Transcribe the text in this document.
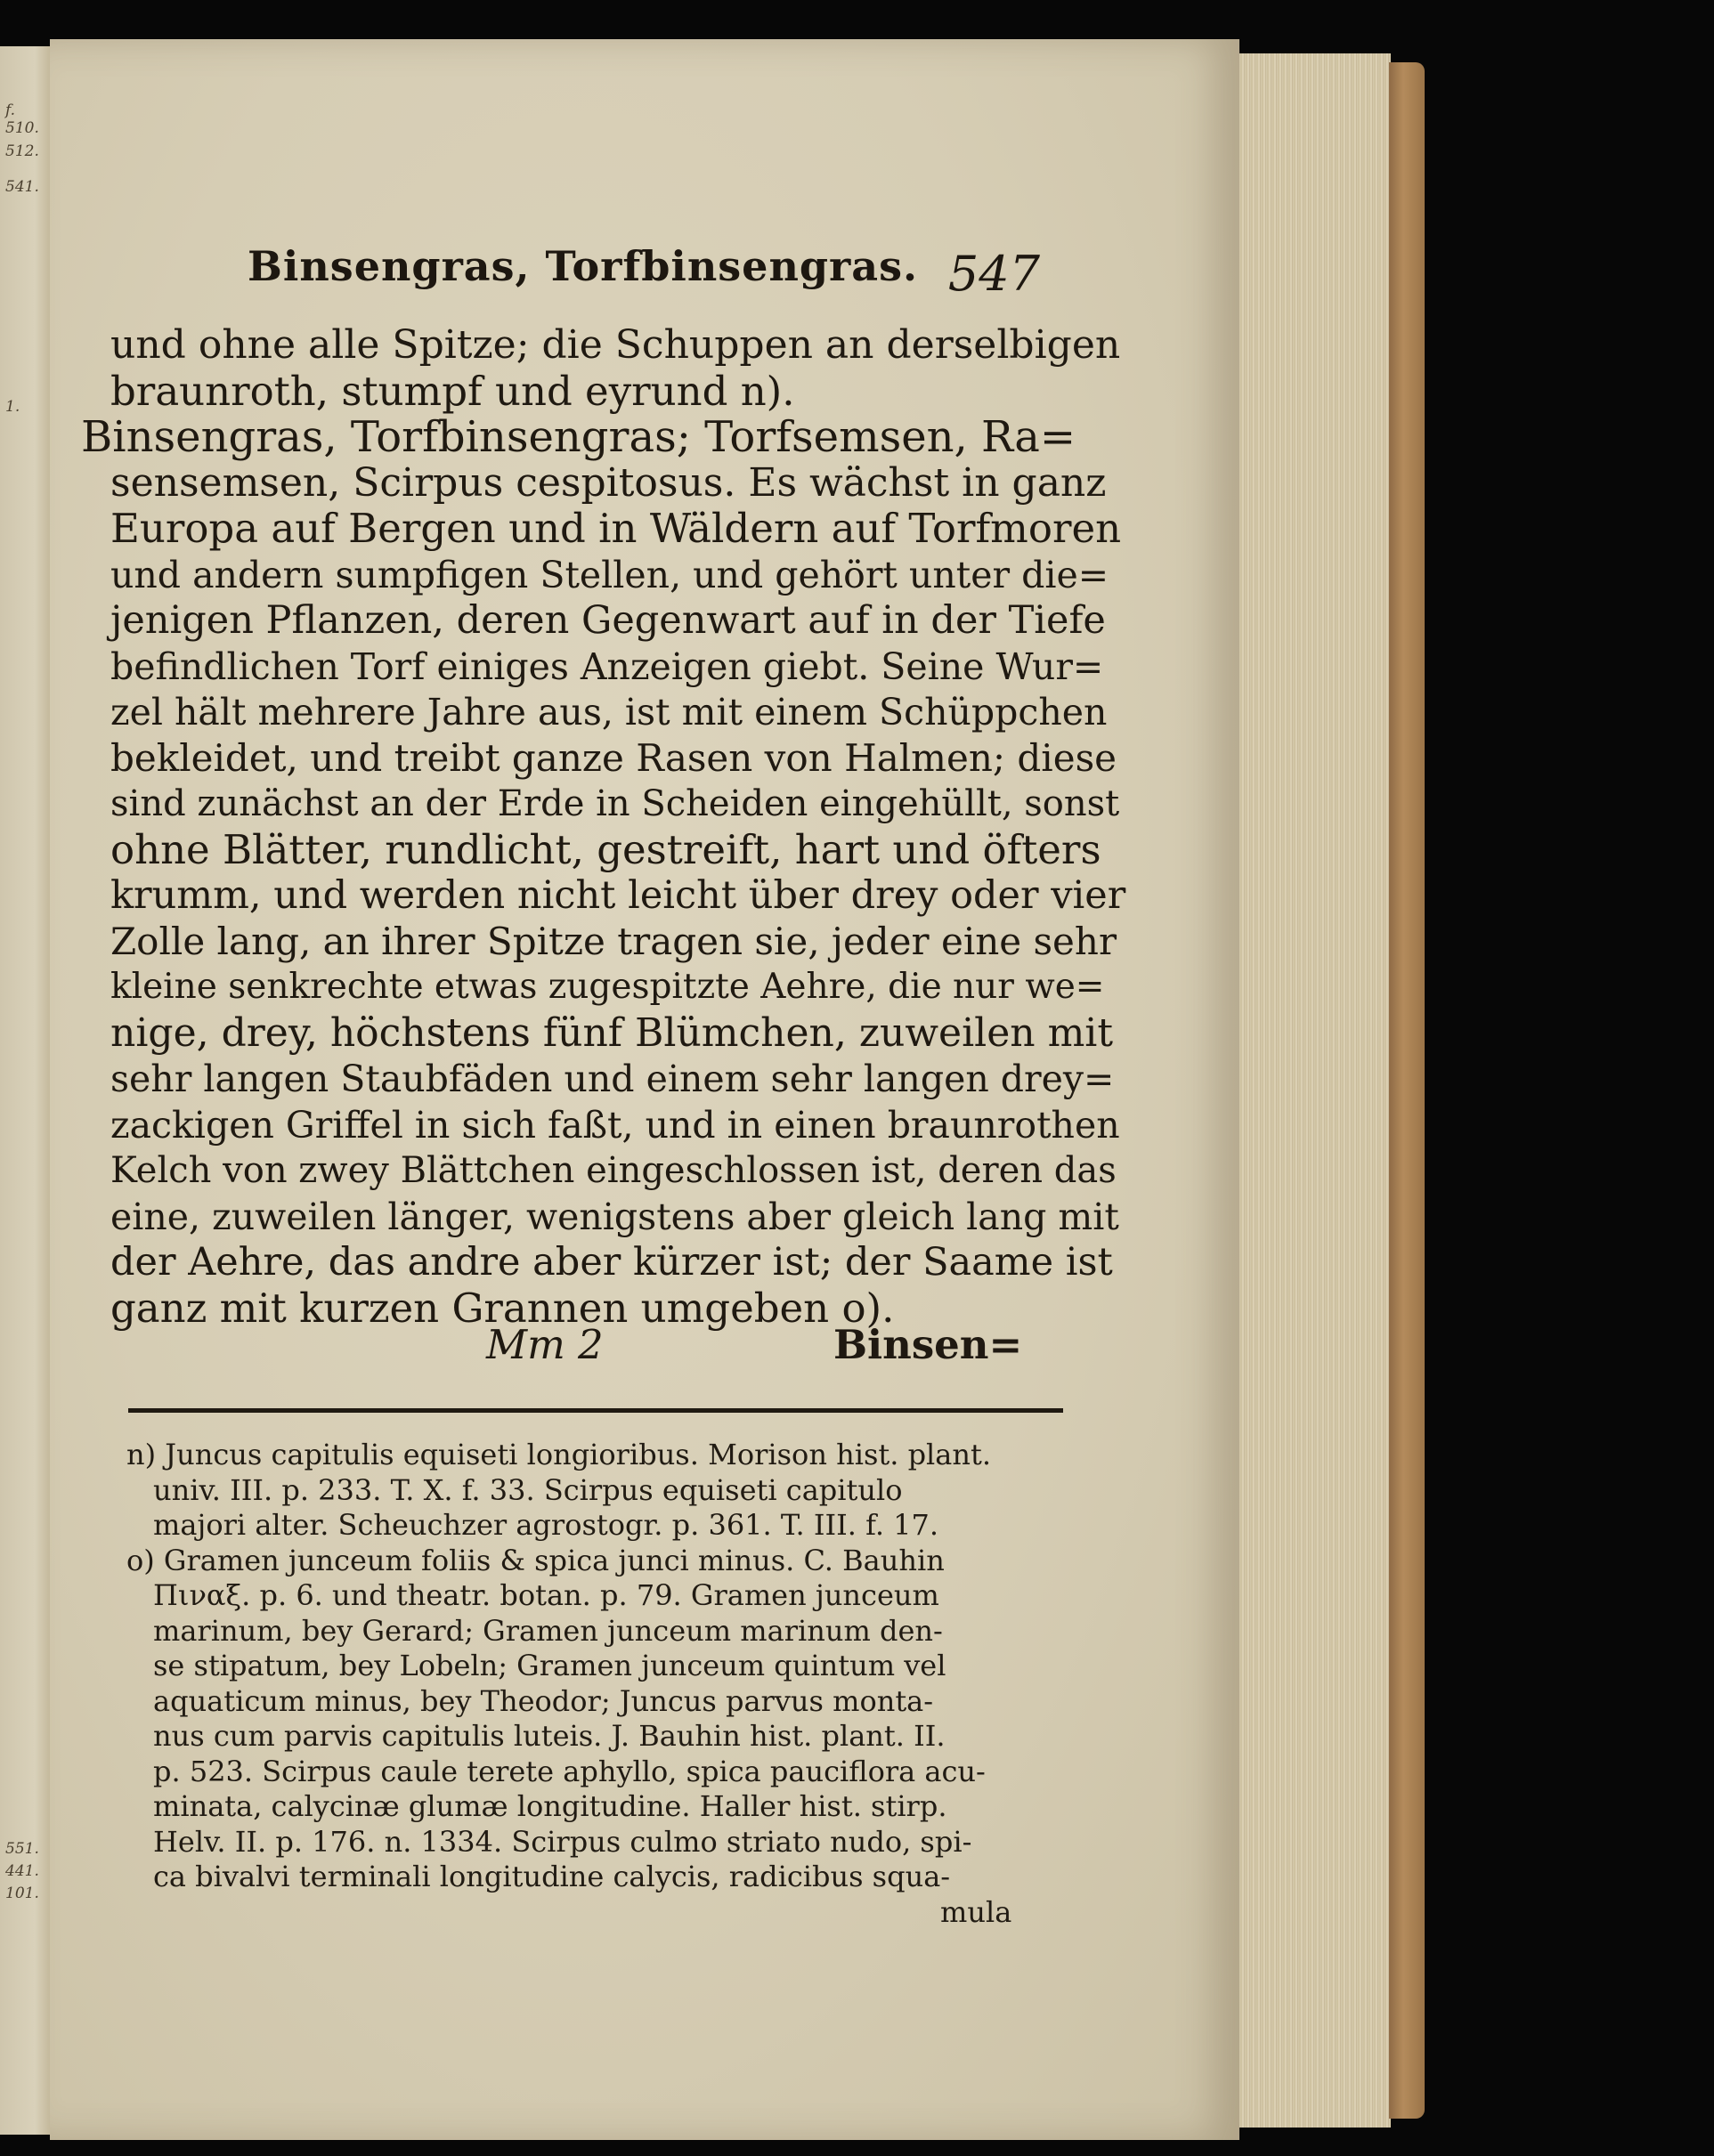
f. 510.
512.
541.
1.
551.
441.
101.
Binsengras, Torfbinsengras. 547
und ohne alle Spitze; die Schuppen an derselbigen
braunroth, stumpf und eyrund n).
Binsengras, Torfbinsengras; Torfsemsen, Ra=
sensemsen, Scirpus cespitosus. Es wächst in ganz
Europa auf Bergen und in Wäldern auf Torfmoren
und andern sumpfigen Stellen, und gehört unter die=
jenigen Pflanzen, deren Gegenwart auf in der Tiefe
befindlichen Torf einiges Anzeigen giebt. Seine Wur=
zel hält mehrere Jahre aus, ist mit einem Schüppchen
bekleidet, und treibt ganze Rasen von Halmen; diese
sind zunächst an der Erde in Scheiden eingehüllt, sonst
ohne Blätter, rundlicht, gestreift, hart und öfters
krumm, und werden nicht leicht über drey oder vier
Zolle lang, an ihrer Spitze tragen sie, jeder eine sehr
kleine senkrechte etwas zugespitzte Aehre, die nur we=
nige, drey, höchstens fünf Blümchen, zuweilen mit
sehr langen Staubfäden und einem sehr langen drey=
zackigen Griffel in sich faßt, und in einen braunrothen
Kelch von zwey Blättchen eingeschlossen ist, deren das
eine, zuweilen länger, wenigstens aber gleich lang mit
der Aehre, das andre aber kürzer ist; der Saame ist
ganz mit kurzen Grannen umgeben o).
Mm 2	Binsen=
n) Juncus capitulis equiseti longioribus. Morison hist. plant.
univ. III. p. 233. T. X. f. 33. Scirpus equiseti capitulo
majori alter. Scheuchzer agrostogr. p. 361. T. III. f. 17.
o) Gramen junceum foliis & spica junci minus. C. Bauhin
Πιναξ. p. 6. und theatr. botan. p. 79. Gramen junceum
marinum, bey Gerard; Gramen junceum marinum den-
se stipatum, bey Lobeln; Gramen junceum quintum vel
aquaticum minus, bey Theodor; Juncus parvus monta-
nus cum parvis capitulis luteis. J. Bauhin hist. plant. II.
p. 523. Scirpus caule terete aphyllo, spica pauciflora acu-
minata, calycinæ glumæ longitudine. Haller hist. stirp.
Helv. II. p. 176. n. 1334. Scirpus culmo striato nudo, spi-
ca bivalvi terminali longitudine calycis, radicibus squa-
mula
